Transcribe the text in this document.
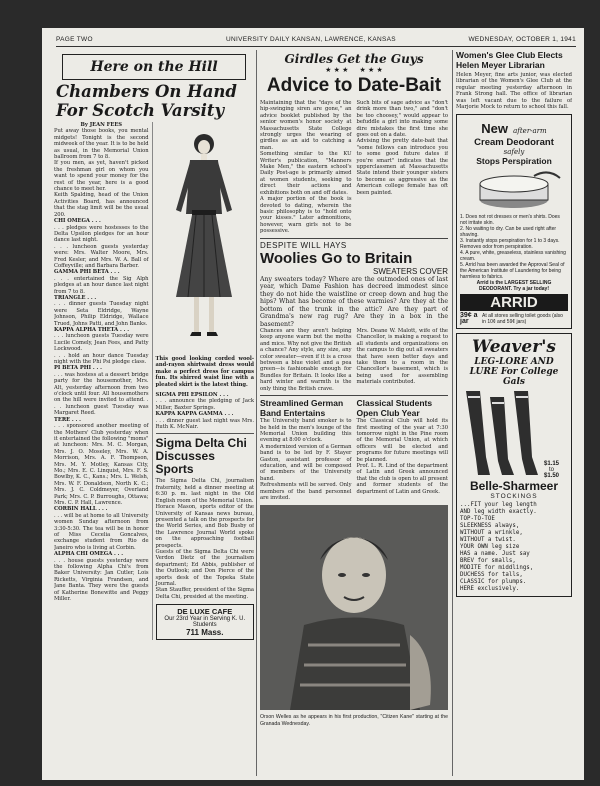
PAGE TWO	UNIVERSITY DAILY KANSAN, LAWRENCE, KANSAS	WEDNESDAY, OCTOBER 1, 1941
Here on the Hill
Chambers On Hand For Scotch Varsity

By JEAN FEES

Put away those books, you mental midgets! Tonight is the second midweek of the year. It is to be held as usual, in the Memorial Union ballroom from 7 to 8.

If you men, as yet, haven't picked the freshman girl on whom you want to spend your money for the rest of the year, here is a good chance to meet her.

Keith Spalding, head of the Union Activities Board, has announced that the stag limit will be the usual 200.

CHI OMEGA . . .

. . . pledges were hostesses to the Delta Upsilon pledges for an hour dance last night.

. . . luncheon guests yesterday were: Mrs. Walter Moore, Mrs. Fred Kesler, and Mrs. W. A. Ball of Coffeyville; and Barbara Barber.

GAMMA PHI BETA . . .

. . . entertained the Sig Alph pledges at an hour dance last night from 7 to 8.

TRIANGLE . . .

. . . dinner guests Tuesday night were Seta Eldridge, Wayne Johnson, Philip Eldridge, Wallace Trued, Johns Patti, and John Banks.

KAPPA ALPHA THETA . . .

. . . luncheon guests Tuesday were Lucile Comely, Jean Fees, and Patty Lockwood.

. . . hold an hour dance Tuesday night with the Phi Psi pledge class.

PI BETA PHI . . .

. . . was hostess at a dessert bridge party for the housemother, Mrs. Alt, yesterday afternoon from two o'clock until four. All housemothers on the hill were invited to attend. . . . luncheon guest Tuesday was Margaret Reed.

TERE . . .

. . . sponsored another meeting of the Mothers' Club yesterday when it entertained the following "moms" at luncheon: Mrs. M. C. Morgan, Mrs. J. O. Moseley, Mrs. W. A. Morrison, Mrs. A. F. Thompson, Mrs. M. Y. Motley, Kansas City, Mo.; Mrs. E. C. Linquist, Mrs. F. S. Bowlby, K. C., Kans.; Mrs. L. Welsh, Mrs. W. F. Donaldson, North K. C.; Mrs. J. C. Coldmeyer, Overland Park; Mrs. C. P. Burroughs, Ottawa; Mrs. C. P. Hall, Lawrence.

CORBIN HALL . . .

. . . will be at home to all University women Sunday afternoon from 3:30-5:30. The tea will be in honor of Miss Cecelia Goncalves, exchange student from Rio de Janeiro who is living at Corbin.

ALPHA CHI OMEGA . . .

. . . house guests yesterday were the following Alpha Chi's from Baker University: Jan Cutler, Lois Ricketts, Virginia Frandsen, and Jane Banta. They were the guests of Katherine Bonewitte and Peggy Miller.

This good looking corded wool-and-rayon shirtwaist dress would make a perfect dress for campus fun. Its shirred waist line with a pleated skirt is the latest thing.

SIGMA PHI EPSILON . . .

. . . announce the pledging of Jack Miller, Baxter Springs.

KAPPA KAPPA GAMMA . . .

. . . dinner guest last night was Mrs. Ruth K. McNair.

Sigma Delta Chi Discusses Sports

The Sigma Delta Chi, journalism fraternity, held a dinner meeting at 6:30 p. m. last night in the Old English room of the Memorial Union.

Horace Mason, sports editor of the University of Kansas news bureau, presented a talk on the prospects for the World Series, and Bob Busby of the Lawrence Journal World spoke on the approaching football prospects.

Guests of the Sigma Delta Chi were Verdon Dietz of the journalism department; Ed Abbis, publisher of the Outlook; and Don Pierce of the sports desk of the Topeka State Journal.

Stan Stauffer, president of the Sigma Delta Chi, presided at the meeting.

DE LUXE CAFE
Our 23rd Year in Serving K. U. Students
711 Mass.
Girdles Get the Guys
★ ★ ★     ★ ★ ★
Advice to Date-Bait

Maintaining that the "days of the hip-swinging siren are gone," an advice booklet published by the senior women's honor society at Massachusetts State College strongly urges the wearing of girdles as an aid to catching a man.

Something similar to the KU Writer's publication, "Manners Make Men," the eastern school's Daily Post-age is primarily aimed at women students, seeking to direct their actions and exhibitions both on and off dates.

A major portion of the book is devoted to dating, wherein the basic philosophy is to "hold onto your kisses." Later admonitions, however, warn girls not to be possessive.

Such bits of sage advice as "don't drink more than two," and "don't be too choosey," would appear to befuddle a girl into making some dire mistakes the first time she goes out on a date.

Advising the pretty date-bait that "some fellows can introduce you to some good future dates if you're smart" indicates that the upperclassmen at Massachusetts State intend their younger sisters to become as aggressive as the American college female has oft been painted.

DESPITE WILL HAYS
Woolies Go to Britain
SWEATERS COVER

Any sweaters today? Where are the outmoded ones of last year, which Dame Fashion has decreed immodest since they do not hide the waistline or creep down and hug the hips? What has become of these warmies? Are they at the bottom of the trunk in the attic? Are they part of Grandma's new rag rug? Are they in a box in the basement?

Chances are they aren't helping keep anyone warm but the moths and mice. Why not give the British a chance? Any style, any size, any color sweater—even if it is a cross between a blue violet and a pea green—is fashionable enough for Bundles for Britain. It looks like a hard winter and warmth is the only thing the British crave.

Mrs. Deane W. Malott, wife of the Chancellor, is making a request to all students and organizations on the campus to dig out all sweaters that have seen better days and take them to a room in the Chancellor's basement, which is being used for assembling materials contributed.

Streamlined German Band Entertains

The University band smoker is to be held in the men's lounge of the Memorial Union building this evening at 8:00 o'clock.

A modernized version of a German band is to be led by F. Stayer Gaston, assistant professor of education, and will be composed of members of the University band.

Refreshments will be served. Only members of the band personnel are invited.

Classical Students Open Club Year

The Classical Club will hold its first meeting of the year at 7:30 tomorrow night in the Pine room of the Memorial Union, at which officers will be elected and programs for future meetings will be planned.

Prof. L. R. Lind of the department of Latin and Greek announced that the club is open to all present and former students of the department of Latin and Greek.

Orson Welles as he appears in his first production, "Citizen Kane" starting at the Granada Wednesday.

Women's Glee Club Elects Helen Meyer Librarian

Helen Meyer, fine arts junior, was elected librarian of the Women's Glee Club at the regular meeting yesterday afternoon in Frank Strong hall. The office of librarian was left vacant due to the failure of Marjorie Mock to return to school this fall.

New after-arm
Cream Deodorant
safely
Stops Perspiration
1. Does not rot dresses or men's shirts. Does not irritate skin.
2. No waiting to dry. Can be used right after shaving.
3. Instantly stops perspiration for 1 to 3 days. Removes odor from perspiration.
4. A pure, white, greaseless, stainless vanishing cream.
5. Arrid has been awarded the Approval Seal of the American Institute of Laundering for being harmless to fabrics.
Arrid is the LARGEST SELLING DEODORANT. Try a jar today!
ARRID
39¢ a jar
At all stores selling toilet goods (also in 10¢ and 59¢ jars)
Weaver's
LEG-LORE AND LURE For College Gals
$1.15
to
$1.50
Belle-Sharmeer
STOCKINGS
...FIT your leg length
AND leg width exactly.
TOP-TO-TOE
SLEEKNESS always,
WITHOUT a wrinkle,
WITHOUT a twist.
YOUR OWN leg size
HAS a name. Just say
BREV for smalls,
MODITE for middlings,
DUCHESS for talls,
CLASSIC for plumps.
HERE exclusively.
